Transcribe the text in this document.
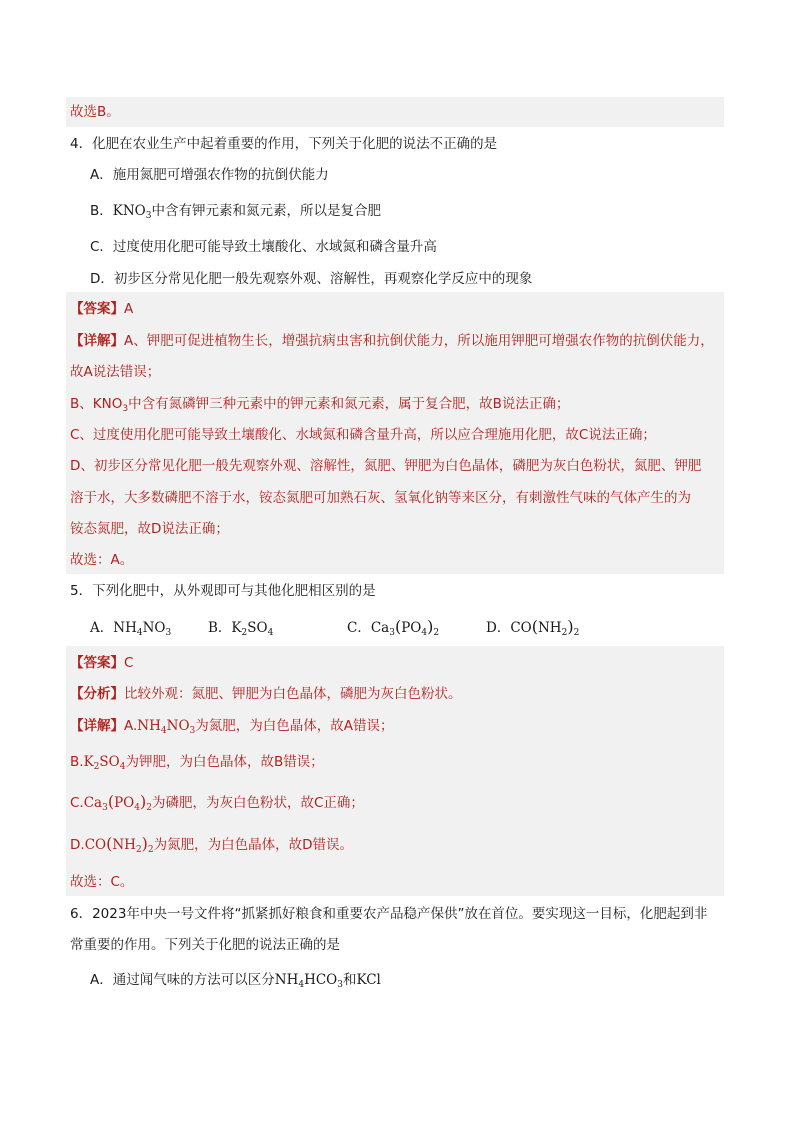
故选B。
4．化肥在农业生产中起着重要的作用，下列关于化肥的说法不正确的是
A．施用氮肥可增强农作物的抗倒伏能力
B．$KNO_3$中含有钾元素和氮元素，所以是复合肥
C．过度使用化肥可能导致土壤酸化、水域氮和磷含量升高
D．初步区分常见化肥一般先观察外观、溶解性，再观察化学反应中的现象
【答案】A
【详解】A、钾肥可促进植物生长，增强抗病虫害和抗倒伏能力，所以施用钾肥可增强农作物的抗倒伏能力，
故A说法错误；
B、$KNO_3$中含有氮磷钾三种元素中的钾元素和氮元素，属于复合肥，故B说法正确；
C、过度使用化肥可能导致土壤酸化、水域氮和磷含量升高，所以应合理施用化肥，故C说法正确；
D、初步区分常见化肥一般先观察外观、溶解性，氮肥、钾肥为白色晶体，磷肥为灰白色粉状，氮肥、钾肥
溶于水，大多数磷肥不溶于水，铵态氮肥可加熟石灰、氢氧化钠等来区分，有刺激性气味的气体产生的为
铵态氮肥，故D说法正确；
故选：A。
5．下列化肥中，从外观即可与其他化肥相区别的是
A．$NH_4NO_3$	B．$K_2SO_4$	C．$Ca_3(PO_4)_2$	D．$CO(NH_2)_2$
【答案】C
【分析】比较外观：氮肥、钾肥为白色晶体，磷肥为灰白色粉状。
【详解】$A.NH_4NO_3$为氮肥，为白色晶体，故A错误；
$B.K_2SO_4$为钾肥，为白色晶体，故B错误；
$C.Ca_3(PO_4)_2$为磷肥，为灰白色粉状，故C正确；
$D.CO(NH_2)_2$为氮肥，为白色晶体，故D错误。
故选：C。
6．2023年中央一号文件将“抓紧抓好粮食和重要农产品稳产保供”放在首位。要实现这一目标，化肥起到非
常重要的作用。下列关于化肥的说法正确的是
A．通过闻气味的方法可以区分$NH_4HCO_3$和KCl
